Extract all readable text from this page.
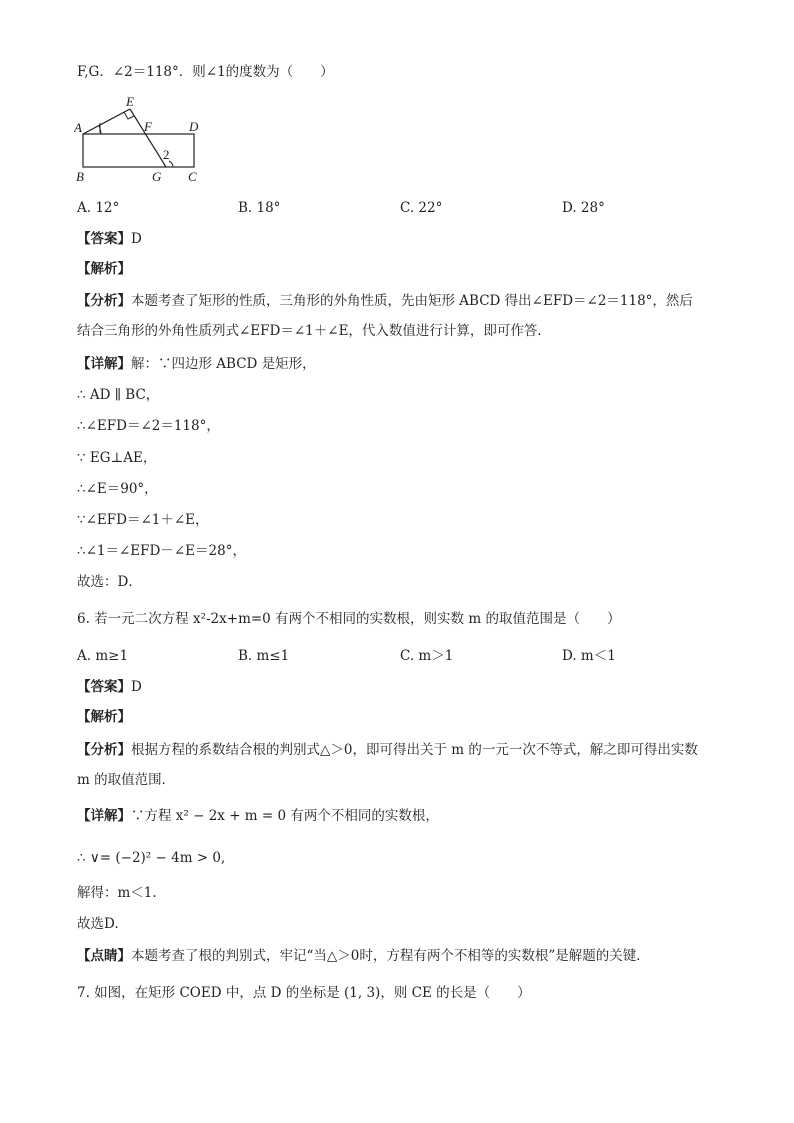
F,G．∠2＝118°．则∠1的度数为（　　）
A
E
F	D
B	G C
2
A. 12°	B. 18°	C. 22°	D. 28°
【答案】D
【解析】
【分析】本题考查了矩形的性质，三角形的外角性质，先由矩形 ABCD 得出∠EFD＝∠2＝118°，然后
结合三角形的外角性质列式∠EFD＝∠1＋∠E，代入数值进行计算，即可作答．
【详解】解：∵四边形 ABCD 是矩形，
∴ AD ∥ BC，
∴∠EFD＝∠2＝118°，
∵ EG⊥AE，
∴∠E＝90°，
∵∠EFD＝∠1＋∠E，
∴∠1＝∠EFD－∠E＝28°，
故选：D．
6. 若一元二次方程 x²-2x+m=0 有两个不相同的实数根，则实数 m 的取值范围是（　　）
A. m≥1	B. m≤1	C. m＞1	D. m＜1
【答案】D
【解析】
【分析】根据方程的系数结合根的判别式△＞0，即可得出关于 m 的一元一次不等式，解之即可得出实数
m 的取值范围．
【详解】∵方程 x² − 2x + m = 0 有两个不相同的实数根，
∴ ∨= (−2)² − 4m > 0,
解得：m＜1.
故选D.
【点睛】本题考查了根的判别式，牢记“当△＞0时，方程有两个不相等的实数根”是解题的关键．
7. 如图，在矩形 COED 中，点 D 的坐标是 (1, 3)，则 CE 的长是（　　）
